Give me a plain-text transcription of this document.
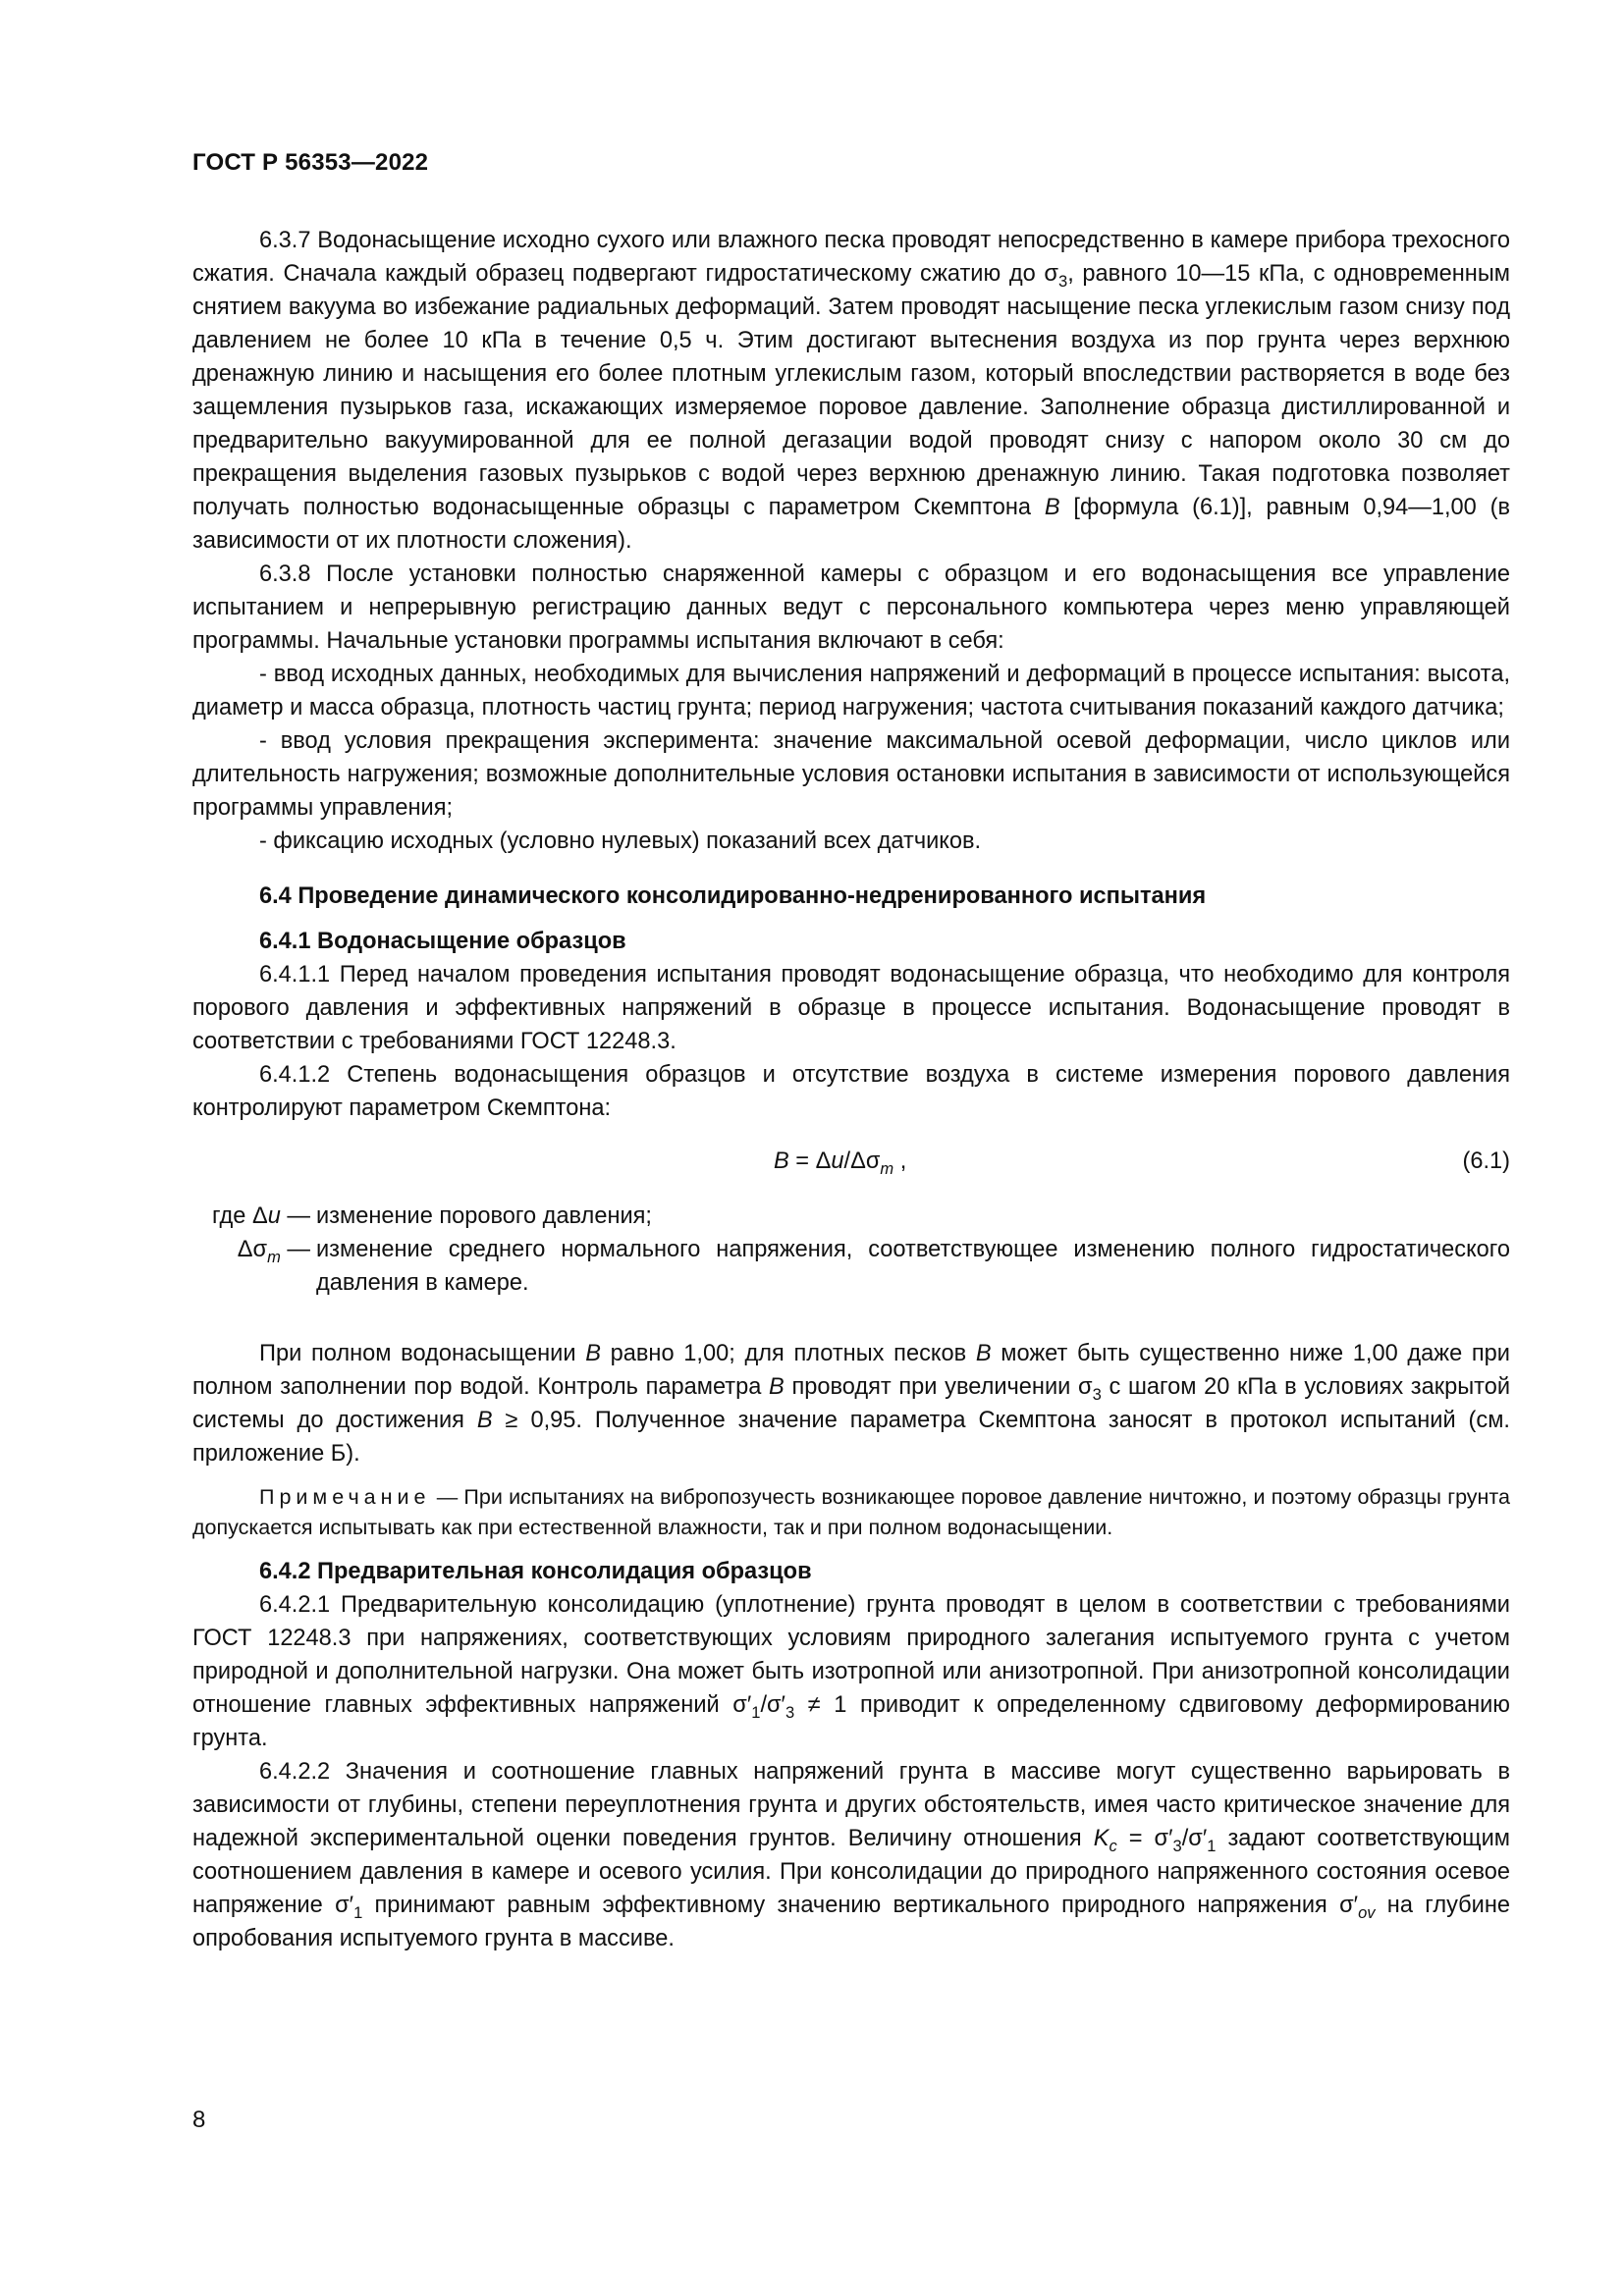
ГОСТ Р 56353—2022

6.3.7 Водонасыщение исходно сухого или влажного песка проводят непосредственно в камере прибора трехосного сжатия. Сначала каждый образец подвергают гидростатическому сжатию до $\sigma_3$, равного 10—15 кПа, с одновременным снятием вакуума во избежание радиальных деформаций. Затем проводят насыщение песка углекислым газом снизу под давлением не более 10 кПа в течение 0,5 ч. Этим достигают вытеснения воздуха из пор грунта через верхнюю дренажную линию и насыщения его более плотным углекислым газом, который впоследствии растворяется в воде без защемления пузырьков газа, искажающих измеряемое поровое давление. Заполнение образца дистиллированной и предварительно вакуумированной для ее полной дегазации водой проводят снизу с напором около 30 см до прекращения выделения газовых пузырьков с водой через верхнюю дренажную линию. Такая подготовка позволяет получать полностью водонасыщенные образцы с параметром Скемптона В [формула (6.1)], равным 0,94—1,00 (в зависимости от их плотности сложения).

6.3.8 После установки полностью снаряженной камеры с образцом и его водонасыщения все управление испытанием и непрерывную регистрацию данных ведут с персонального компьютера через меню управляющей программы. Начальные установки программы испытания включают в себя:

- ввод исходных данных, необходимых для вычисления напряжений и деформаций в процессе испытания: высота, диаметр и масса образца, плотность частиц грунта; период нагружения; частота считывания показаний каждого датчика;

- ввод условия прекращения эксперимента: значение максимальной осевой деформации, число циклов или длительность нагружения; возможные дополнительные условия остановки испытания в зависимости от использующейся программы управления;

- фиксацию исходных (условно нулевых) показаний всех датчиков.

6.4 Проведение динамического консолидированно-недренированного испытания

6.4.1 Водонасыщение образцов

6.4.1.1 Перед началом проведения испытания проводят водонасыщение образца, что необходимо для контроля порового давления и эффективных напряжений в образце в процессе испытания. Водонасыщение проводят в соответствии с требованиями ГОСТ 12248.3.

6.4.1.2 Степень водонасыщения образцов и отсутствие воздуха в системе измерения порового давления контролируют параметром Скемптона:

$В = \Delta u/\Delta\sigma_m$ ,	(6.1)
где Δu — изменение порового давления;
$\Delta\sigma_m$ — изменение среднего нормального напряжения, соответствующее изменению полного гидростатического давления в камере.

При полном водонасыщении В равно 1,00; для плотных песков В может быть существенно ниже 1,00 даже при полном заполнении пор водой. Контроль параметра В проводят при увеличении $\sigma_3$ с шагом 20 кПа в условиях закрытой системы до достижения В ≥ 0,95. Полученное значение параметра Скемптона заносят в протокол испытаний (см. приложение Б).

Примечание — При испытаниях на вибропозучесть возникающее поровое давление ничтожно, и поэтому образцы грунта допускается испытывать как при естественной влажности, так и при полном водонасыщении.

6.4.2 Предварительная консолидация образцов

6.4.2.1 Предварительную консолидацию (уплотнение) грунта проводят в целом в соответствии с требованиями ГОСТ 12248.3 при напряжениях, соответствующих условиям природного залегания испытуемого грунта с учетом природной и дополнительной нагрузки. Она может быть изотропной или анизотропной. При анизотропной консолидации отношение главных эффективных напряжений $\sigma'_1/\sigma'_3 \ne 1$ приводит к определенному сдвиговому деформированию грунта.

6.4.2.2 Значения и соотношение главных напряжений грунта в массиве могут существенно варьировать в зависимости от глубины, степени переуплотнения грунта и других обстоятельств, имея часто критическое значение для надежной экспериментальной оценки поведения грунтов. Величину отношения $K_c = \sigma'_3/\sigma'_1$ задают соответствующим соотношением давления в камере и осевого усилия. При консолидации до природного напряженного состояния осевое напряжение $\sigma'_1$ принимают равным эффективному значению вертикального природного напряжения $\sigma'_{ov}$ на глубине опробования испытуемого грунта в массиве.

8
